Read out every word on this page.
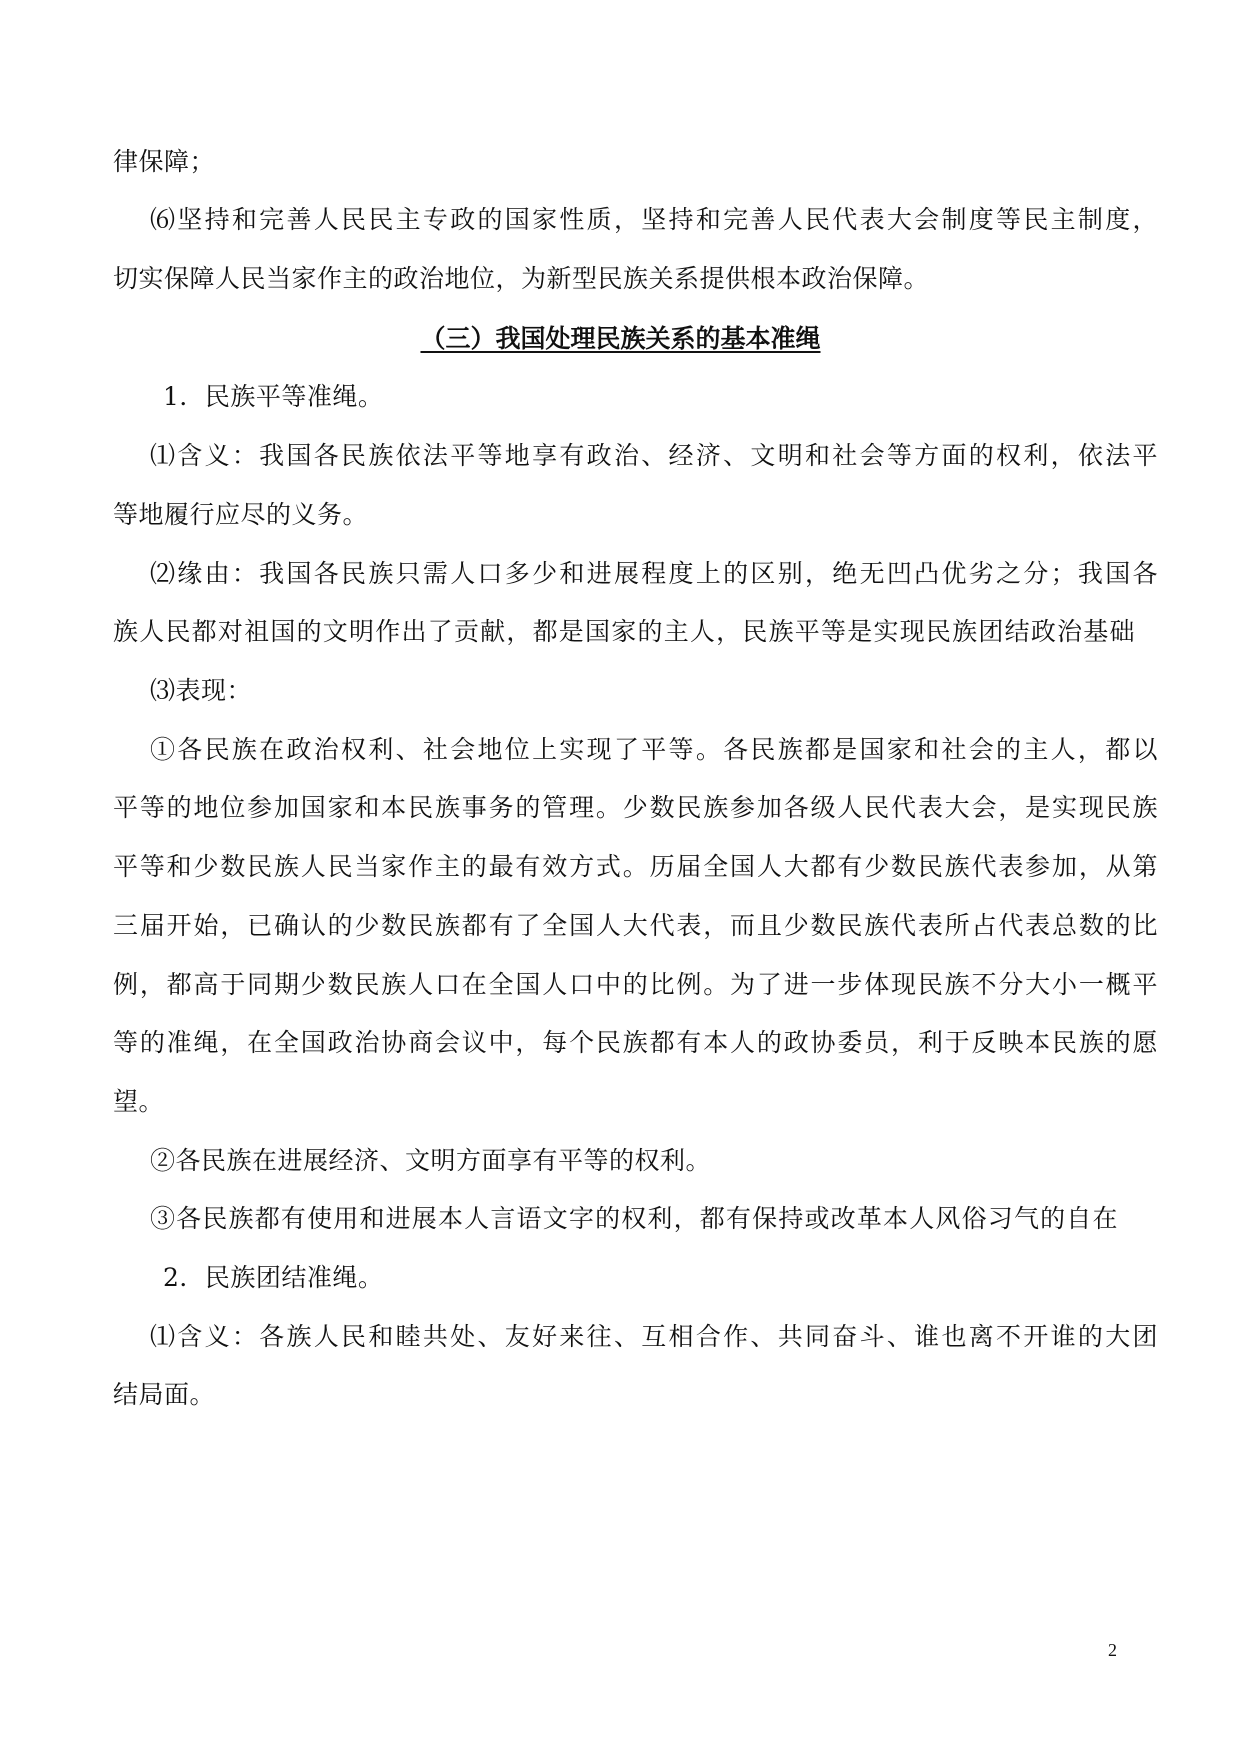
律保障；
⑹坚持和完善人民民主专政的国家性质，坚持和完善人民代表大会制度等民主制度，
切实保障人民当家作主的政治地位，为新型民族关系提供根本政治保障。
（三）我国处理民族关系的基本准绳
1．民族平等准绳。
⑴含义：我国各民族依法平等地享有政治、经济、文明和社会等方面的权利，依法平
等地履行应尽的义务。
⑵缘由：我国各民族只需人口多少和进展程度上的区别，绝无凹凸优劣之分；我国各
族人民都对祖国的文明作出了贡献，都是国家的主人，民族平等是实现民族团结政治基础
⑶表现：
①各民族在政治权利、社会地位上实现了平等。各民族都是国家和社会的主人，都以
平等的地位参加国家和本民族事务的管理。少数民族参加各级人民代表大会，是实现民族
平等和少数民族人民当家作主的最有效方式。历届全国人大都有少数民族代表参加，从第
三届开始，已确认的少数民族都有了全国人大代表，而且少数民族代表所占代表总数的比
例，都高于同期少数民族人口在全国人口中的比例。为了进一步体现民族不分大小一概平
等的准绳，在全国政治协商会议中，每个民族都有本人的政协委员，利于反映本民族的愿
望。
②各民族在进展经济、文明方面享有平等的权利。
③各民族都有使用和进展本人言语文字的权利，都有保持或改革本人风俗习气的自在
2．民族团结准绳。
⑴含义：各族人民和睦共处、友好来往、互相合作、共同奋斗、谁也离不开谁的大团
结局面。
2
